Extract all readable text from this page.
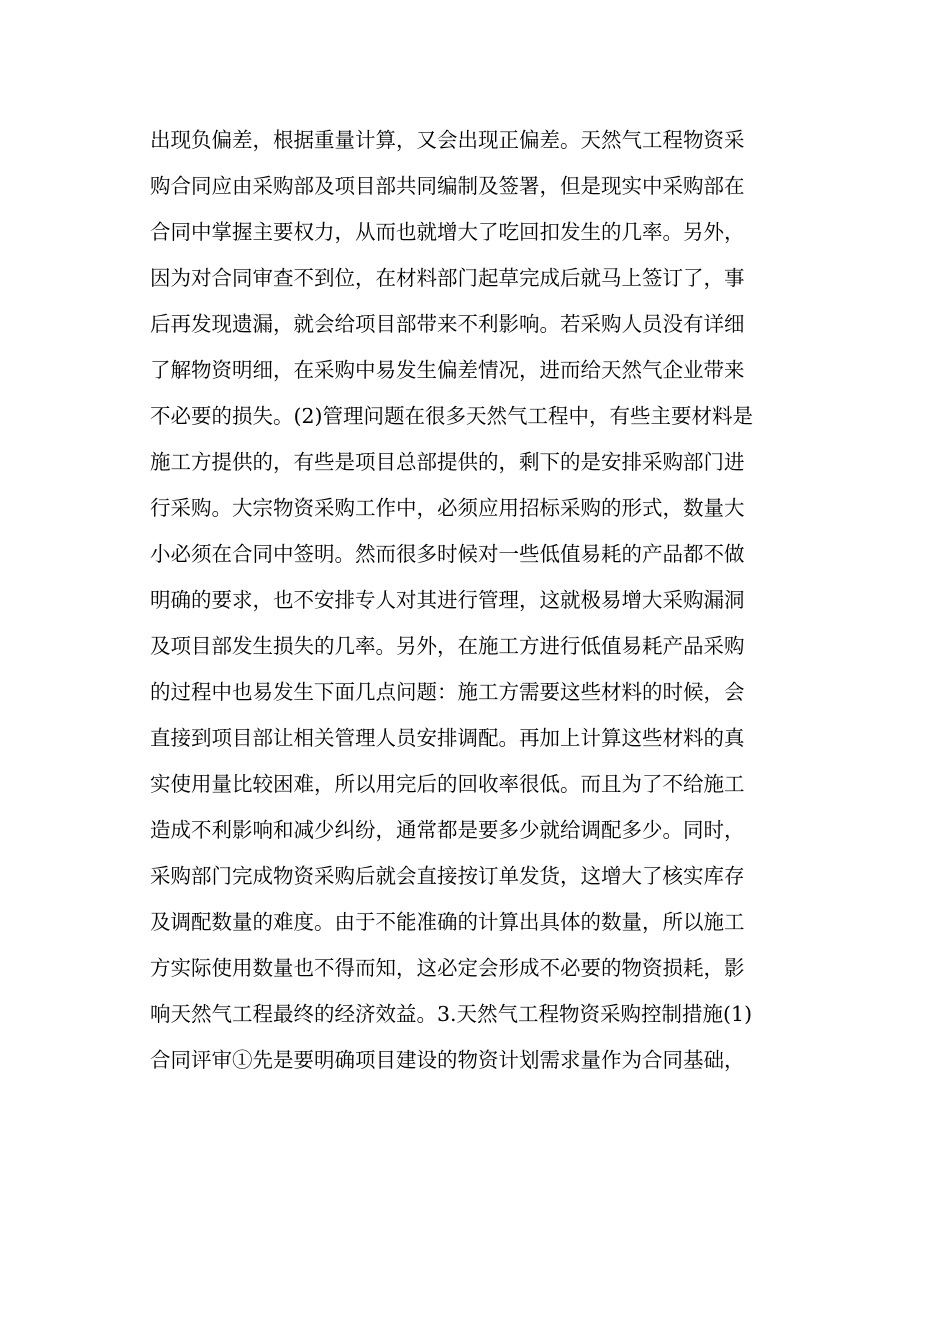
出现负偏差，根据重量计算，又会出现正偏差。天然气工程物资采
购合同应由采购部及项目部共同编制及签署，但是现实中采购部在
合同中掌握主要权力，从而也就增大了吃回扣发生的几率。另外，
因为对合同审查不到位，在材料部门起草完成后就马上签订了，事
后再发现遗漏，就会给项目部带来不利影响。若采购人员没有详细
了解物资明细，在采购中易发生偏差情况，进而给天然气企业带来
不必要的损失。(2)管理问题在很多天然气工程中，有些主要材料是
施工方提供的，有些是项目总部提供的，剩下的是安排采购部门进
行采购。大宗物资采购工作中，必须应用招标采购的形式，数量大
小必须在合同中签明。然而很多时候对一些低值易耗的产品都不做
明确的要求，也不安排专人对其进行管理，这就极易增大采购漏洞
及项目部发生损失的几率。另外，在施工方进行低值易耗产品采购
的过程中也易发生下面几点问题：施工方需要这些材料的时候，会
直接到项目部让相关管理人员安排调配。再加上计算这些材料的真
实使用量比较困难，所以用完后的回收率很低。而且为了不给施工
造成不利影响和减少纠纷，通常都是要多少就给调配多少。同时，
采购部门完成物资采购后就会直接按订单发货，这增大了核实库存
及调配数量的难度。由于不能准确的计算出具体的数量，所以施工
方实际使用数量也不得而知，这必定会形成不必要的物资损耗，影
响天然气工程最终的经济效益。3.天然气工程物资采购控制措施(1)
合同评审①先是要明确项目建设的物资计划需求量作为合同基础，
